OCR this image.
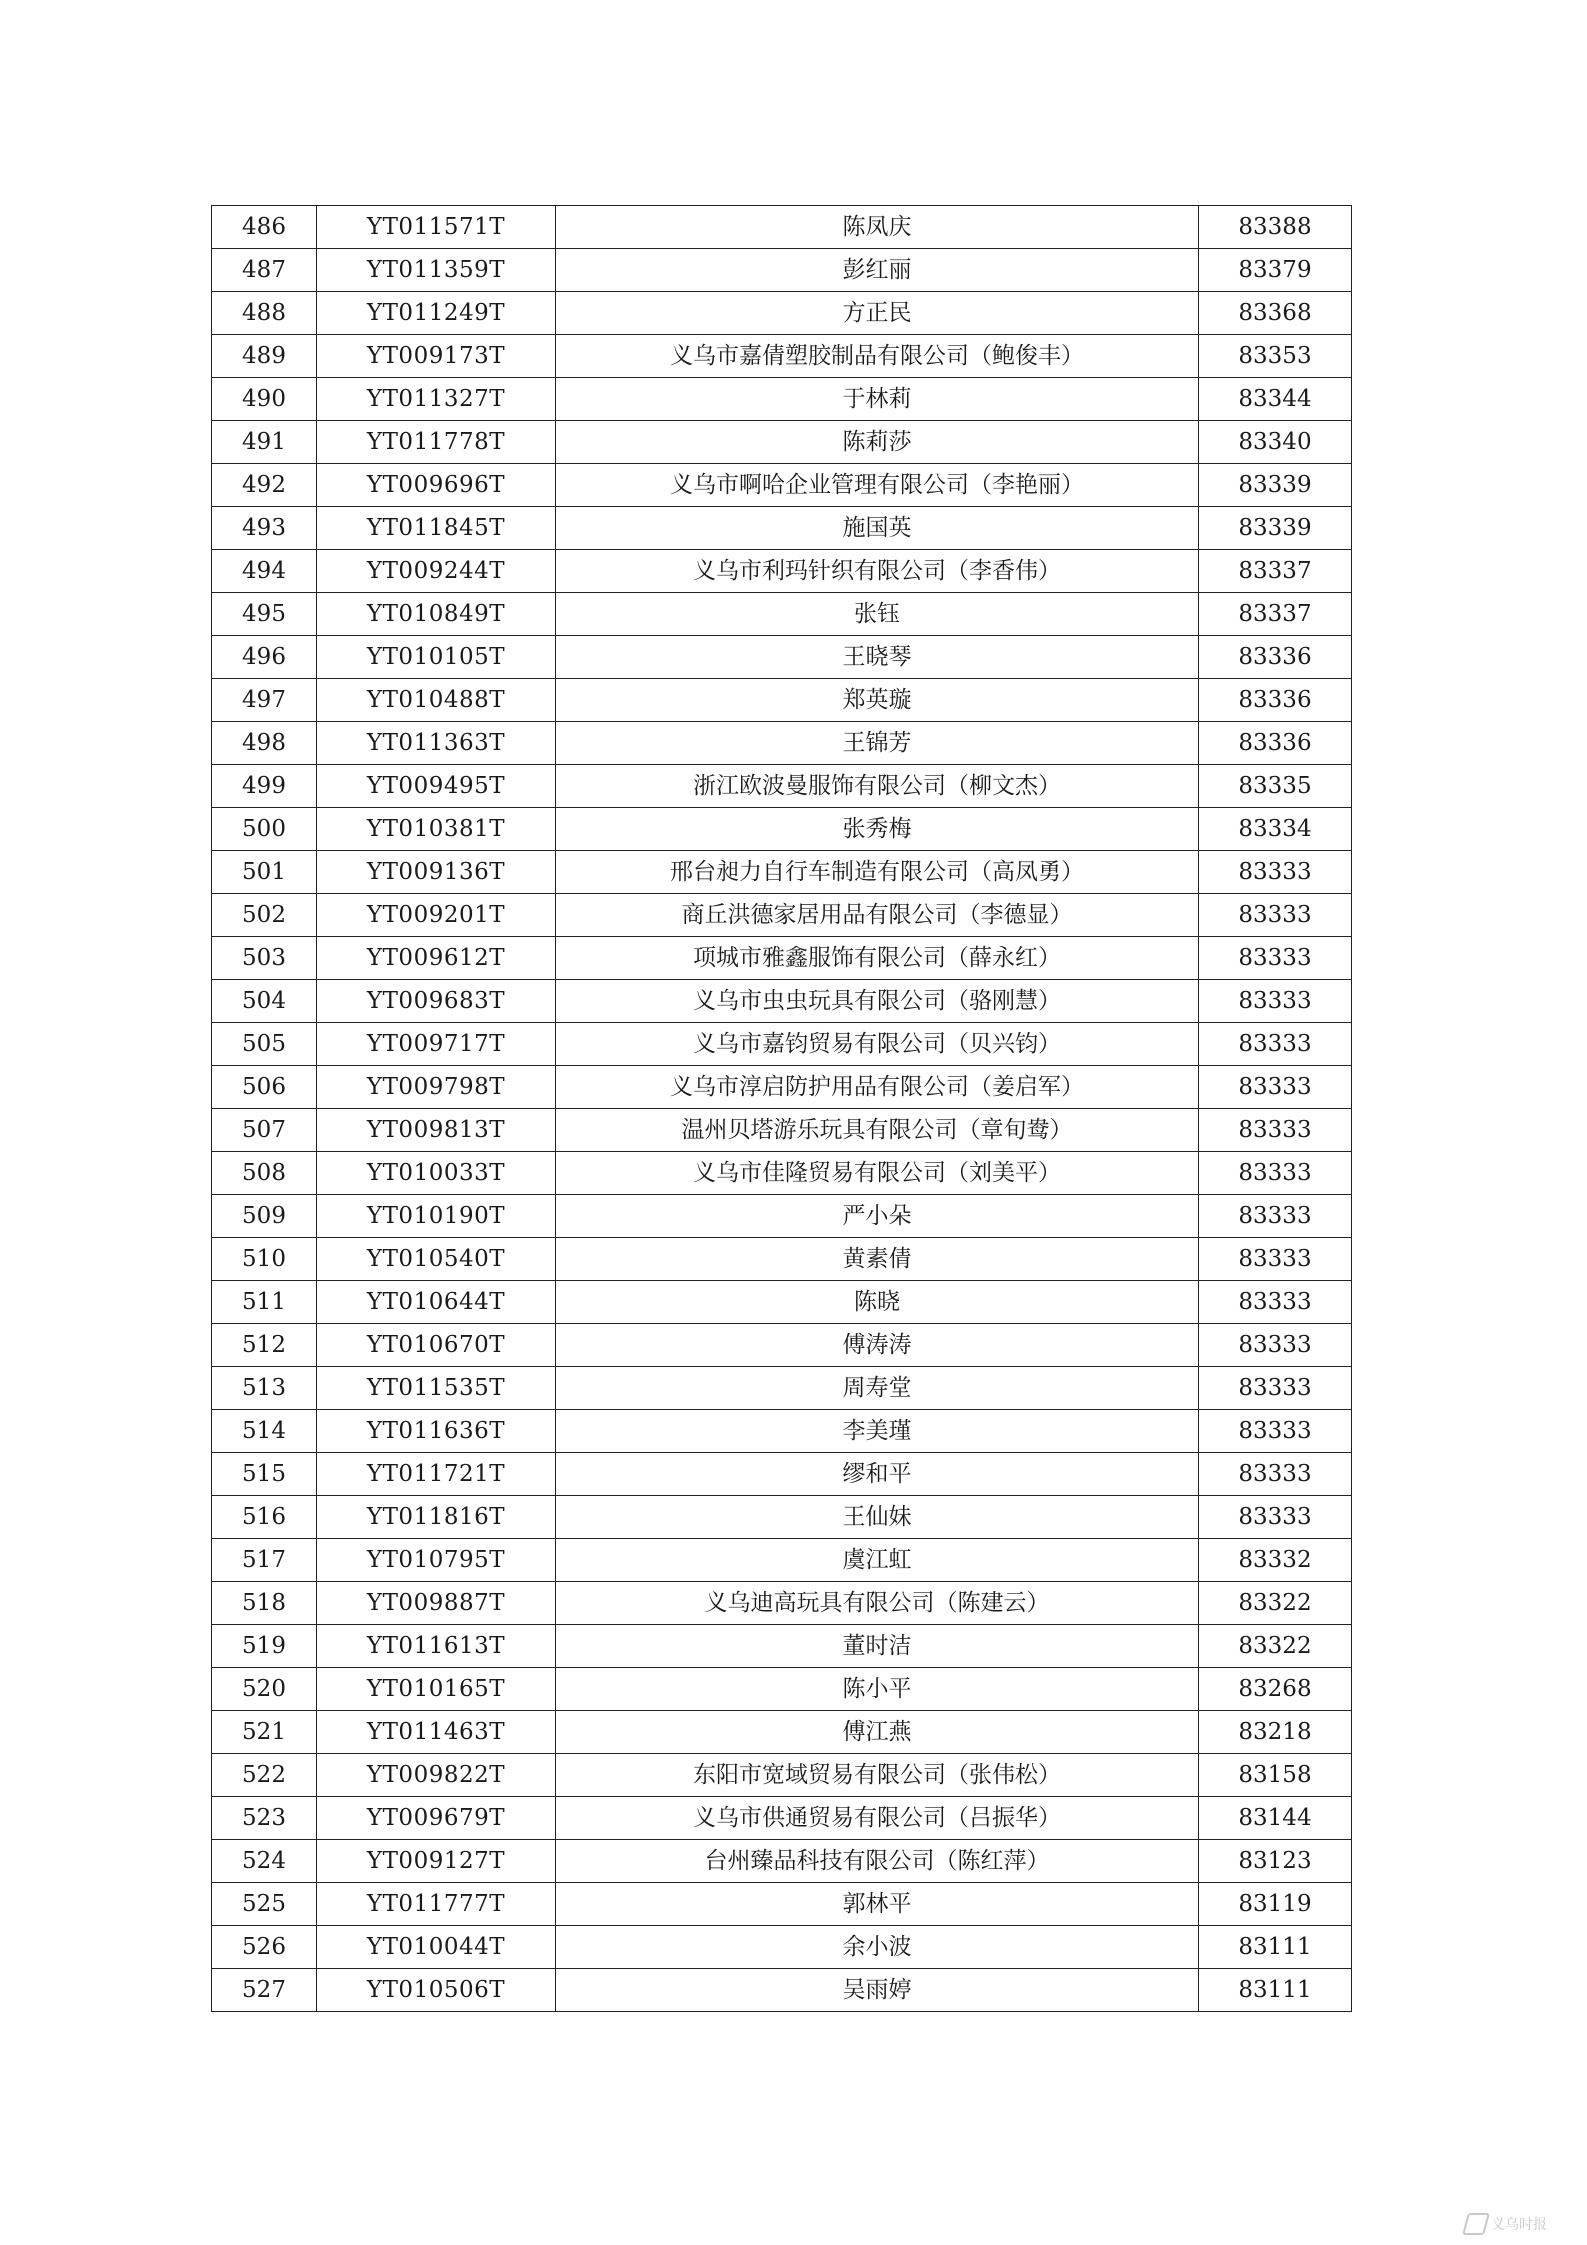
486	YT011571T	陈凤庆	83388
487	YT011359T	彭红丽	83379
488	YT011249T	方正民	83368
489	YT009173T	义乌市嘉倩塑胶制品有限公司（鲍俊丰）	83353
490	YT011327T	于林莉	83344
491	YT011778T	陈莉莎	83340
492	YT009696T	义乌市啊哈企业管理有限公司（李艳丽）	83339
493	YT011845T	施国英	83339
494	YT009244T	义乌市利玛针织有限公司（李香伟）	83337
495	YT010849T	张钰	83337
496	YT010105T	王晓琴	83336
497	YT010488T	郑英璇	83336
498	YT011363T	王锦芳	83336
499	YT009495T	浙江欧波曼服饰有限公司（柳文杰）	83335
500	YT010381T	张秀梅	83334
501	YT009136T	邢台昶力自行车制造有限公司（高凤勇）	83333
502	YT009201T	商丘洪德家居用品有限公司（李德显）	83333
503	YT009612T	项城市雅鑫服饰有限公司（薛永红）	83333
504	YT009683T	义乌市虫虫玩具有限公司（骆刚慧）	83333
505	YT009717T	义乌市嘉钧贸易有限公司（贝兴钧）	83333
506	YT009798T	义乌市淳启防护用品有限公司（姜启军）	83333
507	YT009813T	温州贝塔游乐玩具有限公司（章旬鸯）	83333
508	YT010033T	义乌市佳隆贸易有限公司（刘美平）	83333
509	YT010190T	严小朵	83333
510	YT010540T	黄素倩	83333
511	YT010644T	陈晓	83333
512	YT010670T	傅涛涛	83333
513	YT011535T	周寿堂	83333
514	YT011636T	李美瑾	83333
515	YT011721T	缪和平	83333
516	YT011816T	王仙妹	83333
517	YT010795T	虞江虹	83332
518	YT009887T	义乌迪高玩具有限公司（陈建云）	83322
519	YT011613T	董时洁	83322
520	YT010165T	陈小平	83268
521	YT011463T	傅江燕	83218
522	YT009822T	东阳市宽域贸易有限公司（张伟松）	83158
523	YT009679T	义乌市供通贸易有限公司（吕振华）	83144
524	YT009127T	台州臻品科技有限公司（陈红萍）	83123
525	YT011777T	郭林平	83119
526	YT010044T	余小波	83111
527	YT010506T	吴雨婷	83111
义乌时报
